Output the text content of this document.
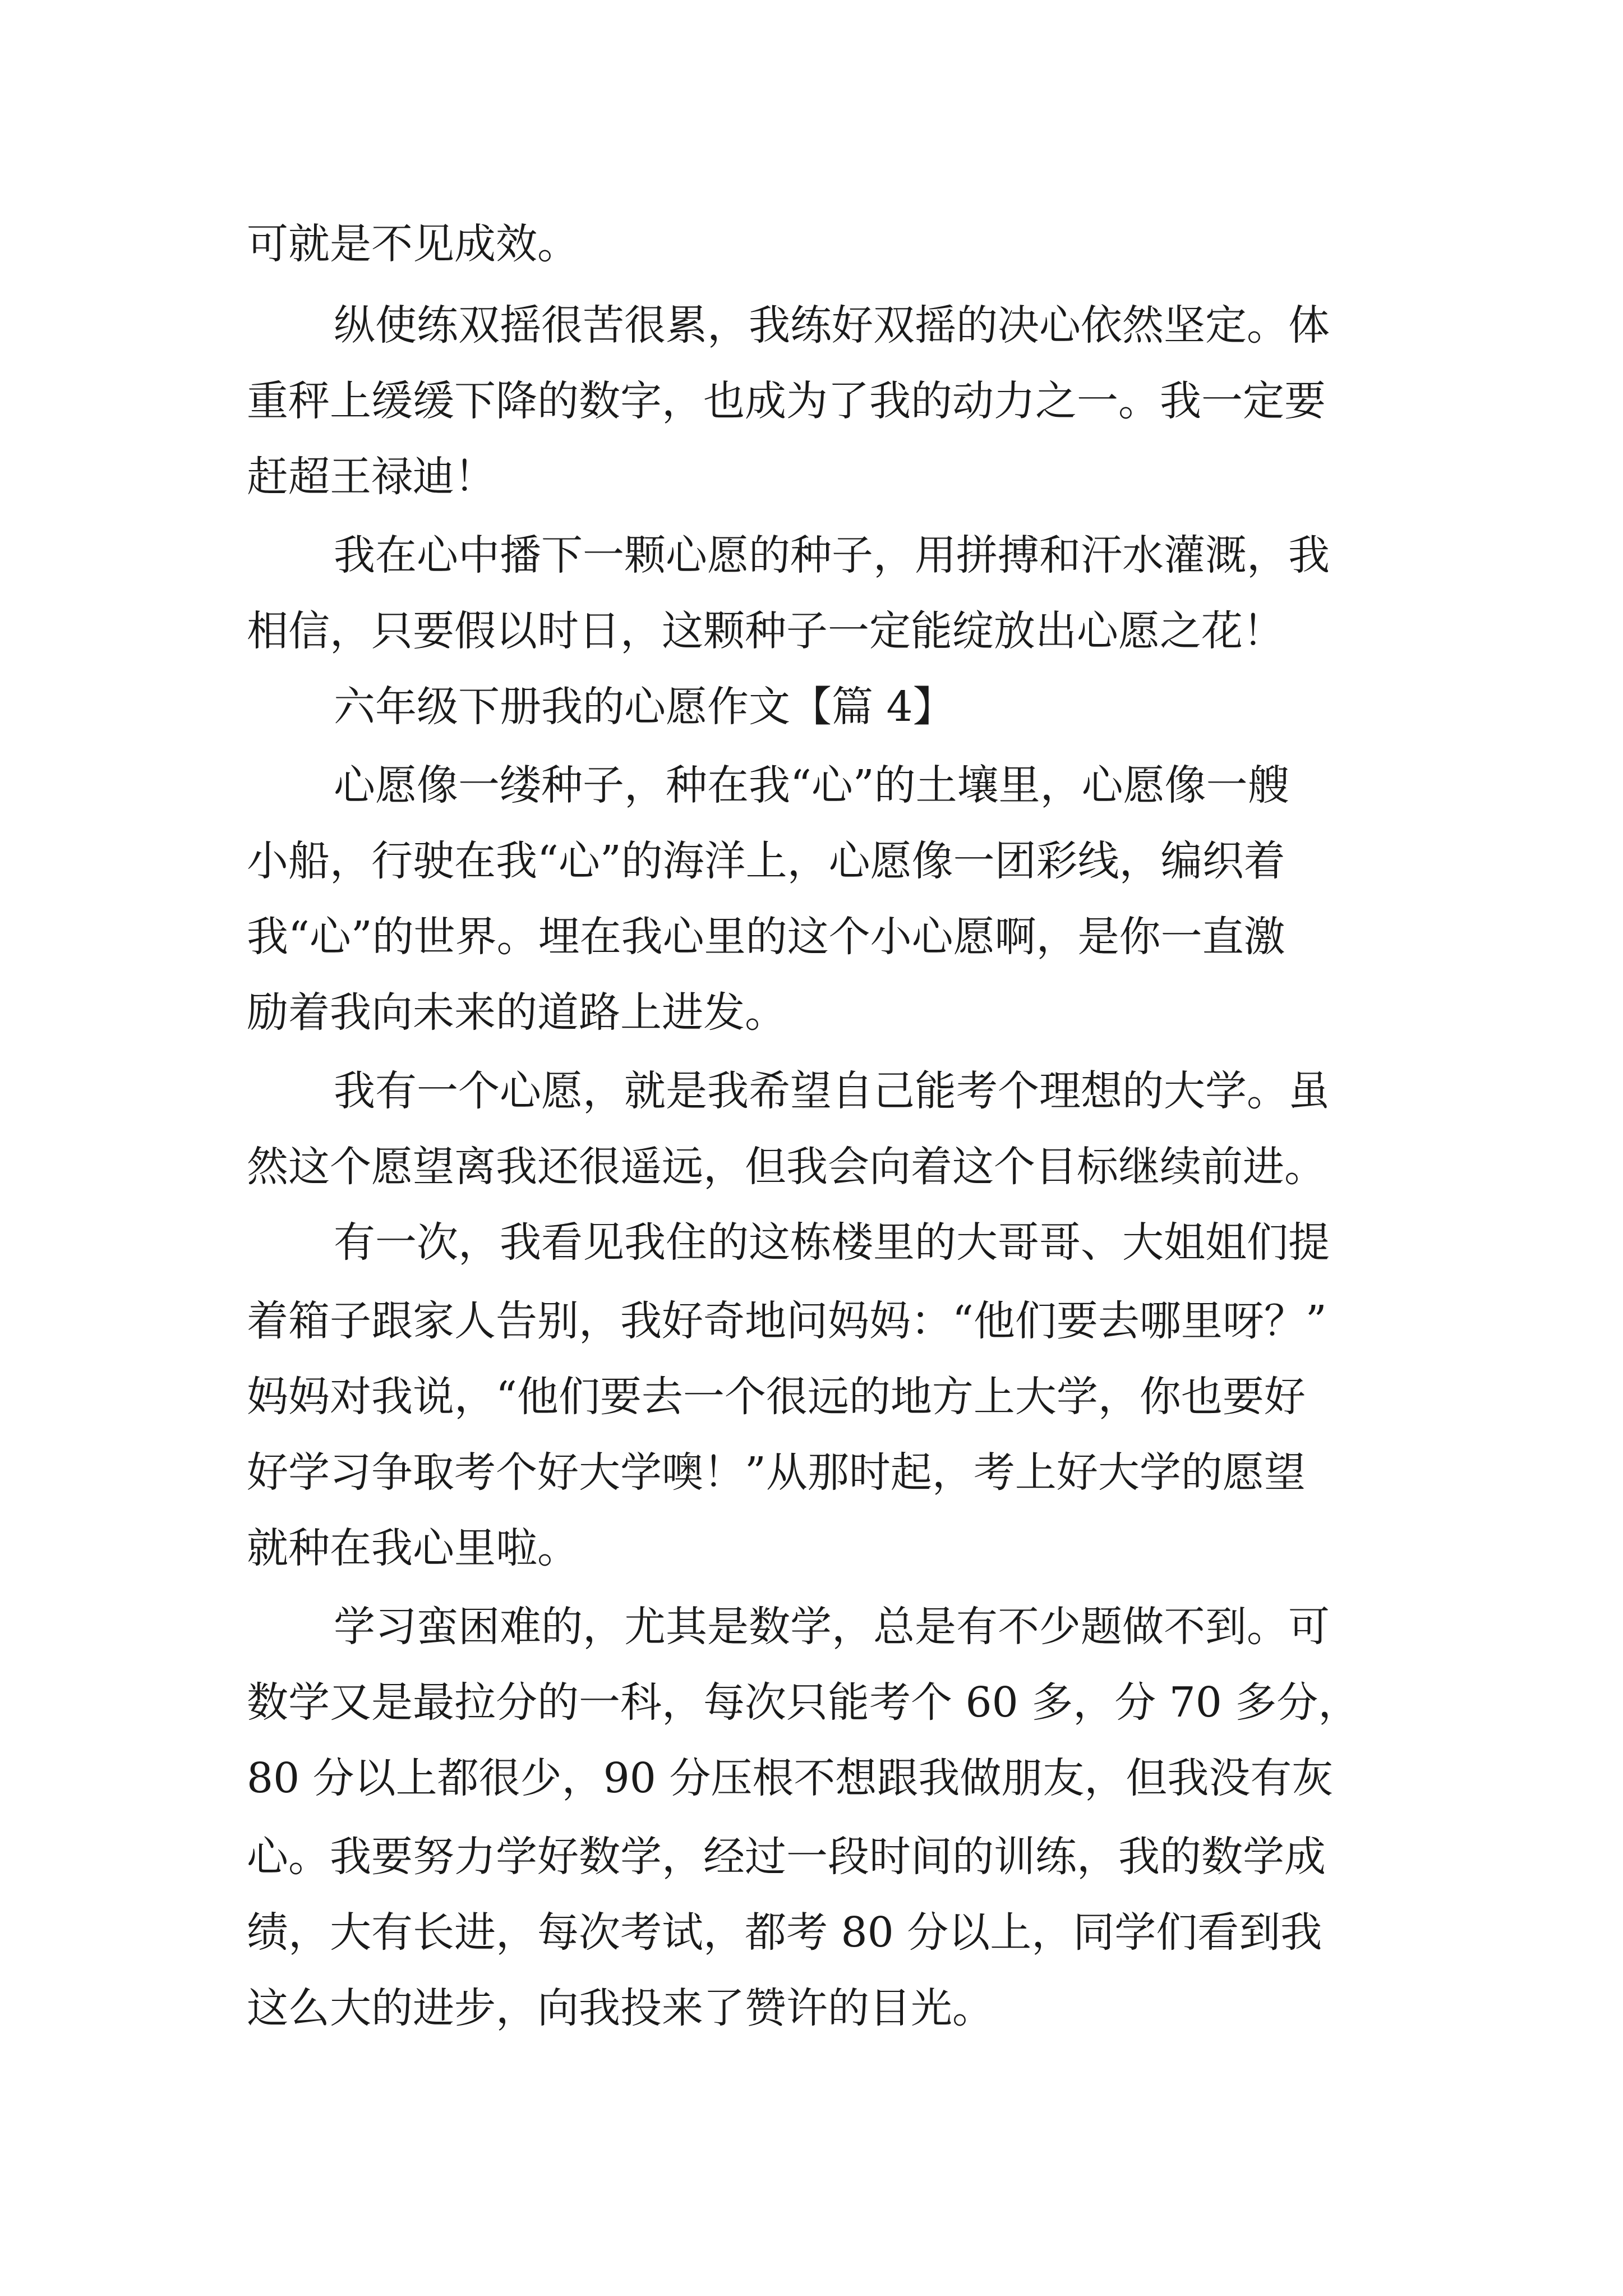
可就是不见成效。
纵使练双摇很苦很累，我练好双摇的决心依然坚定。体
重秤上缓缓下降的数字，也成为了我的动力之一。我一定要
赶超王禄迪！
我在心中播下一颗心愿的种子，用拼搏和汗水灌溉，我
相信，只要假以时日，这颗种子一定能绽放出心愿之花！
六年级下册我的心愿作文【篇 4】
心愿像一缕种子，种在我“心”的土壤里，心愿像一艘
小船，行驶在我“心”的海洋上，心愿像一团彩线，编织着
我“心”的世界。埋在我心里的这个小心愿啊，是你一直激
励着我向未来的道路上进发。
我有一个心愿，就是我希望自己能考个理想的大学。虽
然这个愿望离我还很遥远，但我会向着这个目标继续前进。
有一次，我看见我住的这栋楼里的大哥哥、大姐姐们提
着箱子跟家人告别，我好奇地问妈妈：“他们要去哪里呀？”
妈妈对我说，“他们要去一个很远的地方上大学，你也要好
好学习争取考个好大学噢！”从那时起，考上好大学的愿望
就种在我心里啦。
学习蛮困难的，尤其是数学，总是有不少题做不到。可
数学又是最拉分的一科，每次只能考个 60 多，分 70 多分，
80 分以上都很少，90 分压根不想跟我做朋友，但我没有灰
心。我要努力学好数学，经过一段时间的训练，我的数学成
绩，大有长进，每次考试，都考 80 分以上，同学们看到我
这么大的进步，向我投来了赞许的目光。
